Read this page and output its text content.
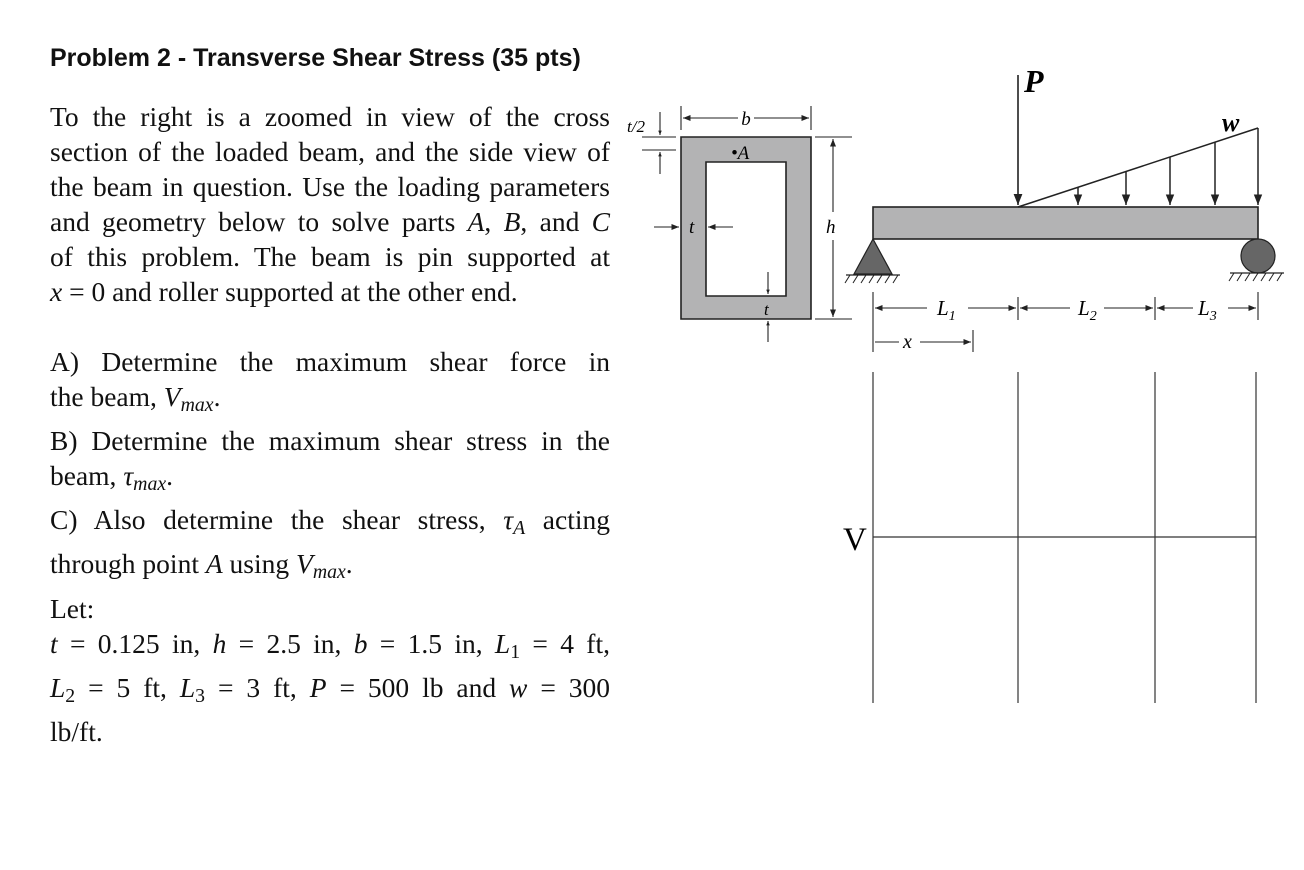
Problem 2 - Transverse Shear Stress (35 pts)

To the right is a zoomed in view of the cross

section of the loaded beam, and the side view of

the beam in question. Use the loading parameters

and geometry below to solve parts A, B, and C

of this problem. The beam is pin supported at

x = 0 and roller supported at the other end.

A) Determine the maximum shear force in

the beam, $V_{max}$.

B) Determine the maximum shear stress in the

beam, $\tau_{max}$.

C) Also determine the shear stress, $\tau_A$ acting

through point A using $V_{max}$.

Let:

t = 0.125 in, h = 2.5 in, b = 1.5 in, $L_1 = 4$ ft,

$L_2 = 5$ ft, $L_3 = 3$ ft, P = 500 lb and w = 300

lb/ft.

b
•A
t/2
t	h
t
w
P
$L_1$	$L_2$	$L_3$
x
V
